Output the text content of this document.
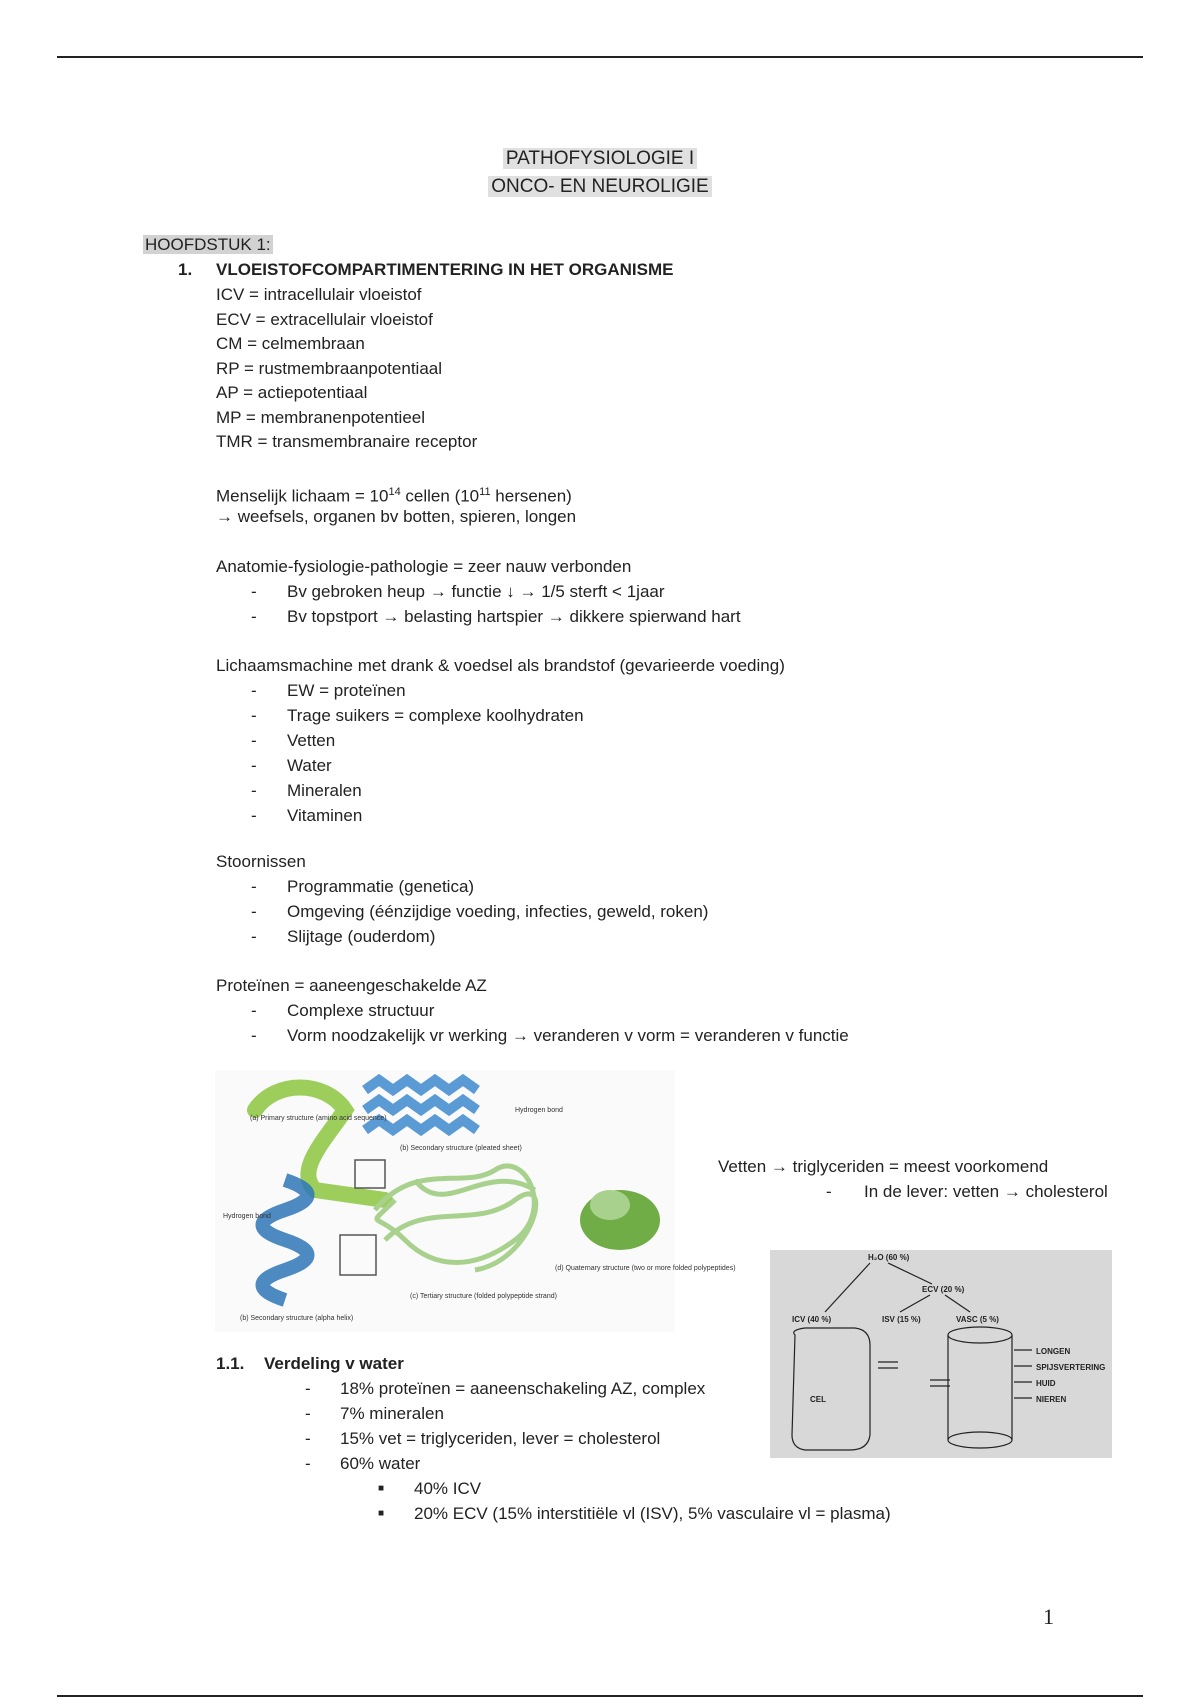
PATHOFYSIOLOGIE I
ONCO- EN NEUROLIGIE
HOOFDSTUK 1:
1. VLOEISTOFCOMPARTIMENTERING IN HET ORGANISME
ICV = intracellulair vloeistof
ECV = extracellulair vloeistof
CM = celmembraan
RP = rustmembraanpotentiaal
AP = actiepotentiaal
MP = membranenpotentieel
TMR = transmembranaire receptor
Menselijk lichaam = $10^{14}$ cellen ($10^{11}$ hersenen)
→ weefsels, organen bv botten, spieren, longen
Anatomie-fysiologie-pathologie = zeer nauw verbonden
- Bv gebroken heup → functie ↓ → 1/5 sterft < 1jaar
- Bv topstport → belasting hartspier → dikkere spierwand hart
Lichaamsmachine met drank & voedsel als brandstof (gevarieerde voeding)
- EW = proteïnen
- Trage suikers = complexe koolhydraten
- Vetten
- Water
- Mineralen
- Vitaminen
Stoornissen
- Programmatie (genetica)
- Omgeving (éénzijdige voeding, infecties, geweld, roken)
- Slijtage (ouderdom)
Proteïnen = aaneengeschakelde AZ
- Complexe structuur
- Vorm noodzakelijk vr werking → veranderen v vorm = veranderen v functie
(a) Primary structure (amino acid sequence)
(b) Secondary structure (pleated sheet)
Hydrogen bond
Hydrogen bond
(c) Tertiary structure (folded polypeptide strand)
(d) Quaternary structure (two or more folded polypeptides)
(b) Secondary structure (alpha helix)
Vetten → triglyceriden = meest voorkomend
- In de lever: vetten → cholesterol
H₂O (60 %)
ECV (20 %)
ICV (40 %)	ISV (15 %)	VASC (5 %)
CEL
LONGEN
SPIJSVERTERING
HUID
NIEREN
1.1. Verdeling v water
- 18% proteïnen = aaneenschakeling AZ, complex
- 7% mineralen
- 15% vet = triglyceriden, lever = cholesterol
- 60% water
■ 40% ICV
■ 20% ECV (15% interstitiële vl (ISV), 5% vasculaire vl = plasma)
1
